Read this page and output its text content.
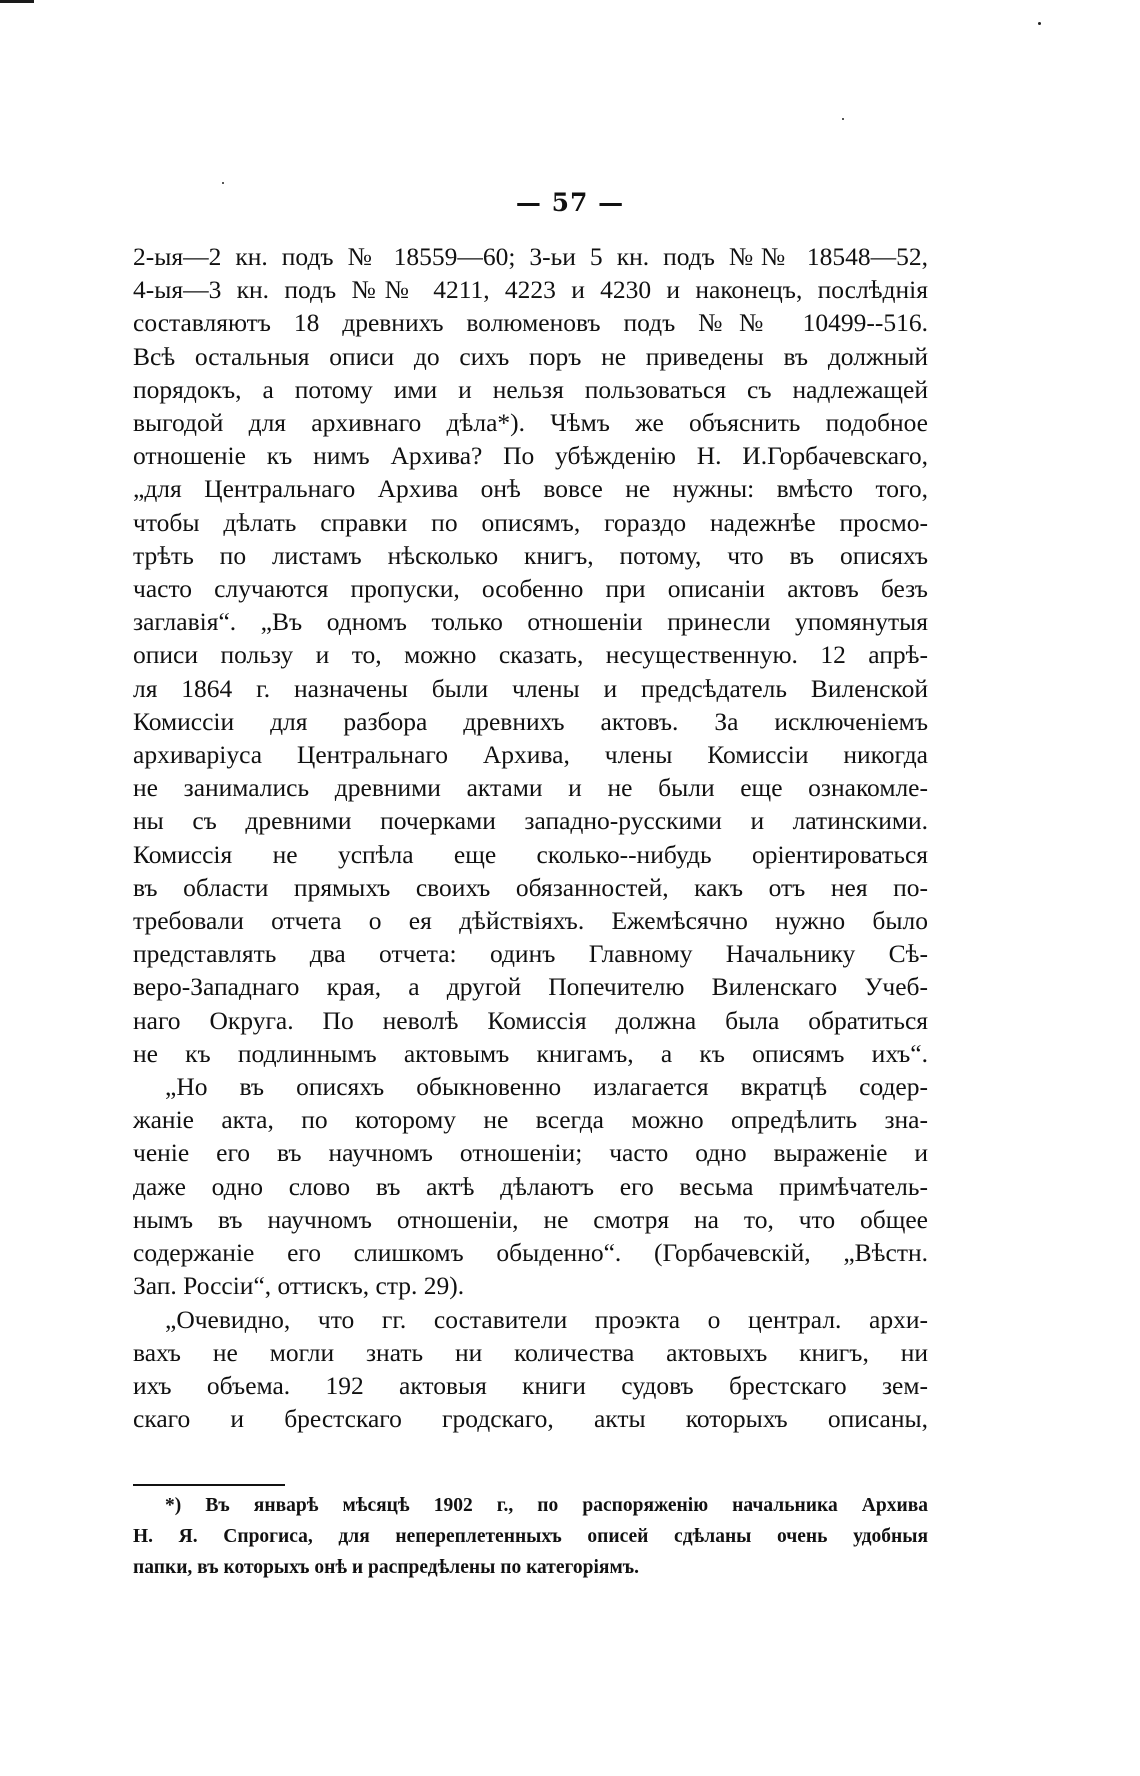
— 57 —

2-ыя—2 кн. подъ № 18559—60; 3-ьи 5 кн. подъ №№ 18548—52,
4-ыя—3 кн. подъ №№ 4211, 4223 и 4230 и наконецъ, послѣднія
составляютъ 18 древнихъ волюменовъ подъ №№ 10499--516.
Всѣ остальныя описи до сихъ поръ не приведены въ должный
порядокъ, а потому ими и нельзя пользоваться съ надлежащей
выгодой для архивнаго дѣла*). Чѣмъ же объяснить подобное
отношеніе къ нимъ Архива? По убѣжденію Н. И.Горбачевскаго,
„для Центральнаго Архива онѣ вовсе не нужны: вмѣсто того,
чтобы дѣлать справки по описямъ, гораздо надежнѣе просмо-
трѣть по листамъ нѣсколько книгъ, потому, что въ описяхъ
часто случаются пропуски, особенно при описаніи актовъ безъ
заглавія“. „Въ одномъ только отношеніи принесли упомянутыя
описи пользу и то, можно сказать, несущественную. 12 апрѣ-
ля 1864 г. назначены были члены и предсѣдатель Виленской
Комиссіи для разбора древнихъ актовъ. За исключеніемъ
архиваріуса Центральнаго Архива, члены Комиссіи никогда
не занимались древними актами и не были еще ознакомле-
ны съ древними почерками западно-русскими и латинскими.
Комиссія не успѣла еще сколько--нибудь оріентироваться
въ области прямыхъ своихъ обязанностей, какъ отъ нея по-
требовали отчета о ея дѣйствіяхъ. Ежемѣсячно нужно было
представлять два отчета: одинъ Главному Начальнику Сѣ-
веро-Западнаго края, а другой Попечителю Виленскаго Учеб-
наго Округа. По неволѣ Комиссія должна была обратиться
не къ подлиннымъ актовымъ книгамъ, а къ описямъ ихъ“.
„Но въ описяхъ обыкновенно излагается вкратцѣ содер-
жаніе акта, по которому не всегда можно опредѣлить зна-
ченіе его въ научномъ отношеніи; часто одно выраженіе и
даже одно слово въ актѣ дѣлаютъ его весьма примѣчатель-
нымъ въ научномъ отношеніи, не смотря на то, что общее
содержаніе его слишкомъ обыденно“. (Горбачевскій, „Вѣстн.
Зап. Россіи“, оттискъ, стр. 29).
„Очевидно, что гг. составители проэкта о централ. архи-
вахъ не могли знать ни количества актовыхъ книгъ, ни
ихъ объема. 192 актовыя книги судовъ брестскаго зем-
скаго и брестскаго гродскаго, акты которыхъ описаны,

*) Въ январѣ мѣсяцѣ 1902 г., по распоряженію начальника Архива
Н. Я. Спрогиса, для непереплетенныхъ описей сдѣланы очень удобныя
папки, въ которыхъ онѣ и распредѣлены по категоріямъ.
